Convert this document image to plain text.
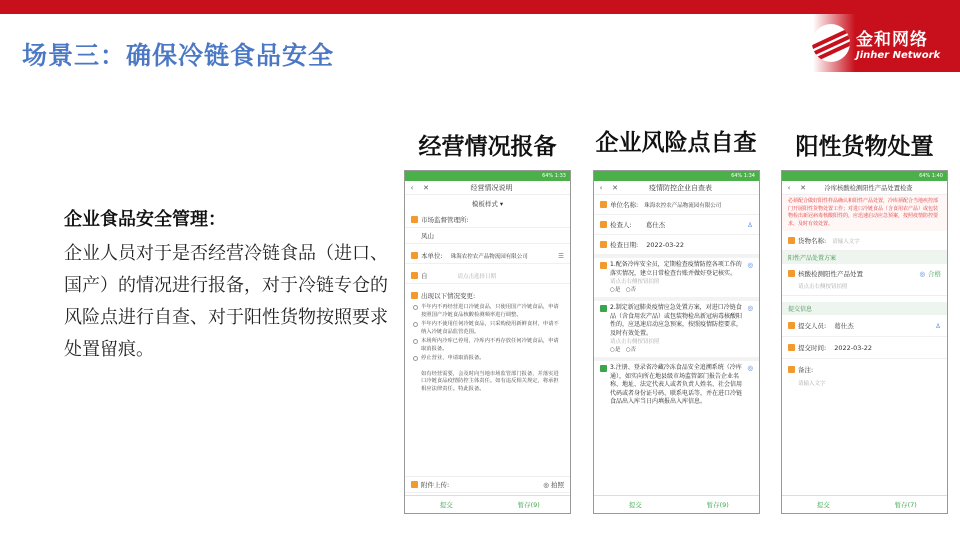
金和网络
Jinher Network
场景三：确保冷链食品安全
经营情况报备	企业风险点自查	阳性货物处置
企业食品安全管理：
企业人员对于是否经营冷链食品（进口、国产）的情况进行报备，对于冷链专仓的风险点进行自查、对于阳性货物按照要求处置留痕。
64% 1:33
‹	✕	经营情况说明
模板样式 ▾
市场监督管理所:
凤山
本单位: 珠海农控农产品物流园有限公司	☰
自	请点击选择日期
出现以下情况变更:
半年内不再经营进口冷链食品，只使用国产冷链食品，申请按照国产冷链食品核酸检测频率进行调整。
半年内不使用任何冷链食品，只采购使用新鲜食材，申请不纳入冷链食品监管范围。
本场所内冷库已停用，冷库内不再存放任何冷链食品，申请取消报备。
停止营业，申请取消报备。
如有经营需要，会及时向当地市场监管部门报备，并落实进口冷链食品疫情防控主体责任。如有违反相关规定，将承担相应法律责任。特此报备。
附件上传:	◎ 拍照
提交	暂存(9)
64% 1:34
‹	✕	疫情防控企业自查表
单位名称: 珠海农控农产品物流园有限公司
检查人: 葛仕杰	♙
检查日期: 2022-03-22
1.配备冷库安全员，定期检查疫情防控各项工作的落实情况，建立日常检查台账并做好登记核实。
◎
请点击右侧按钮拍照
○是　○否
2.制定新冠肺炎疫情应急处置方案，对进口冷链食品（含食用农产品）或包装物检出新冠病毒核酸阳性的，应迅速启动应急预案，按照疫情防控要求，及时有效处置。
◎
请点击右侧按钮拍照
○是　○否
3.注册、登录省冷藏冷冻食品安全追溯系统（冷库通），如实向所在地县级市场监管部门报告企业名称、地址、法定代表人或者负责人姓名、社会信用代码或者身份证号码、联系电话等，并在进口冷链食品出入库当日内填报出入库信息。
◎
提交	暂存(9)
64% 1:40
‹	✕	冷库核酸检测阳性产品处置检查
必须配合做好阳性样品确认和阳性产品处置，冷库须配合当地疾控部门开展阳性货物处置工作；对进口冷链食品（含食用农产品）或包装物检出新冠病毒核酸阳性的，应迅速启动应急预案，按照疫情防控要求，及时有效处置。
货物名称: 请输入文字
阳性产品处置方案
核酸检测阳性产品处置	◎ 合格
请点击右侧按钮拍照
提交信息
提交人员: 葛仕杰	♙
提交时间: 2022-03-22
备注:
请输入文字
提交	暂存(7)
